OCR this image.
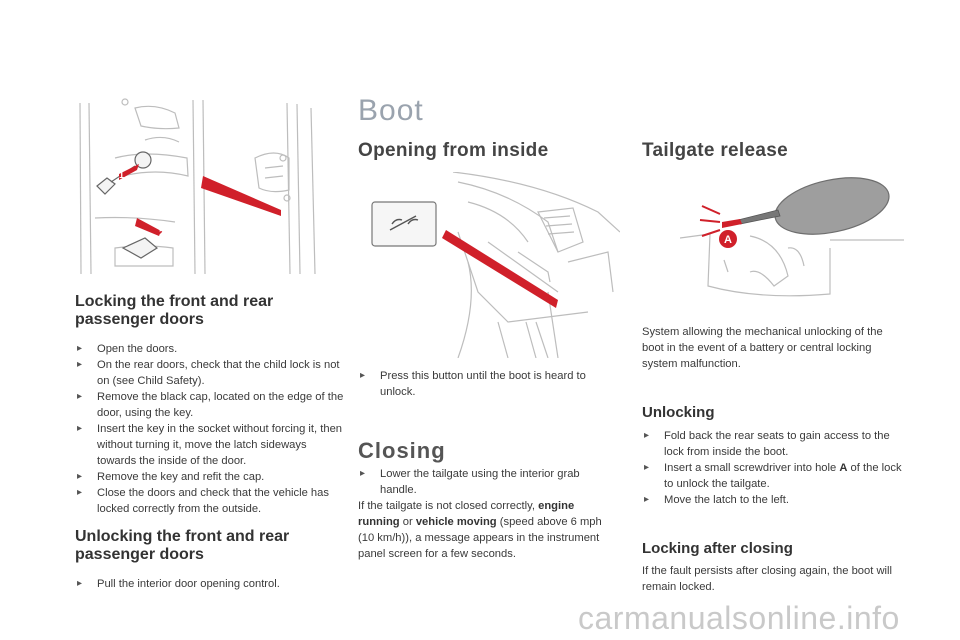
1
2
Locking the front and rear passenger doors
▸ Open the doors.
▸ On the rear doors, check that the child lock is not on (see Child Safety).
▸ Remove the black cap, located on the edge of the door, using the key.
▸ Insert the key in the socket without forcing it, then without turning it, move the latch sideways towards the inside of the door.
▸ Remove the key and refit the cap.
▸ Close the doors and check that the vehicle has locked correctly from the outside.
Unlocking the front and rear passenger doors
▸ Pull the interior door opening control.
Boot
Opening from inside
▸ Press this button until the boot is heard to unlock.
Closing
▸ Lower the tailgate using the interior grab handle.

If the tailgate is not closed correctly, engine running or vehicle moving (speed above 6 mph (10 km/h)), a message appears in the instrument panel screen for a few seconds.

Tailgate release
A

System allowing the mechanical unlocking of the boot in the event of a battery or central locking system malfunction.

Unlocking
▸ Fold back the rear seats to gain access to the lock from inside the boot.
▸ Insert a small screwdriver into hole A of the lock to unlock the tailgate.
▸ Move the latch to the left.
Locking after closing

If the fault persists after closing again, the boot will remain locked.

carmanualsonline.info
